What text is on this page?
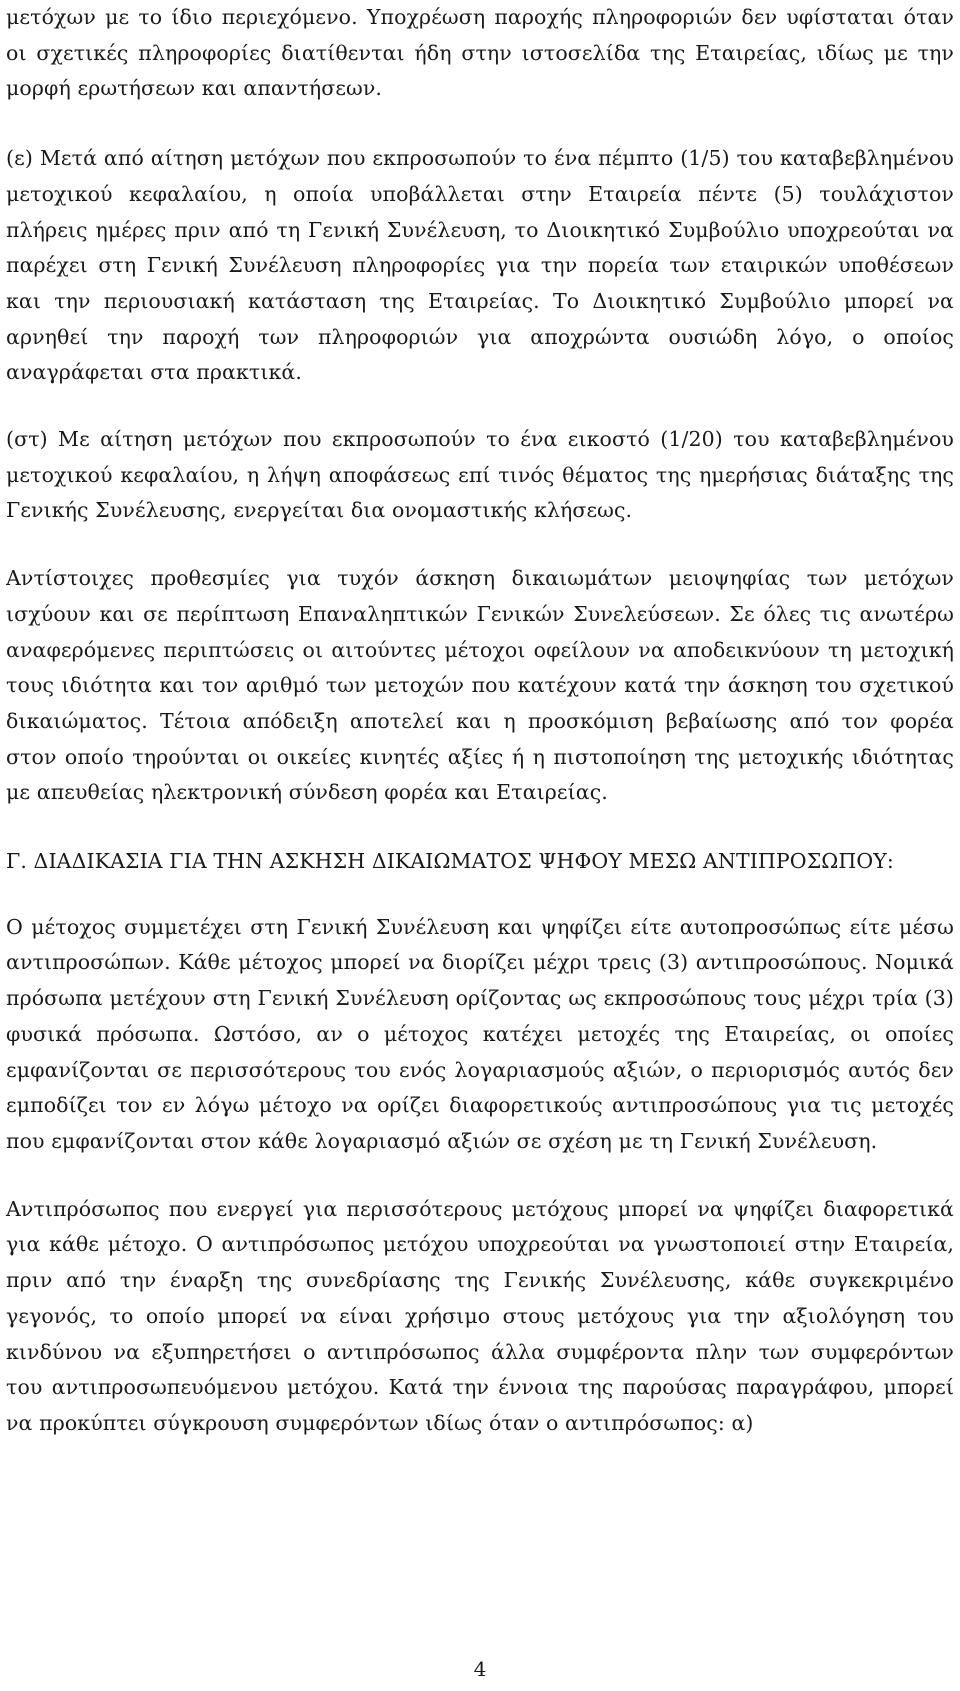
μετόχων με το ίδιο περιεχόμενο. Υποχρέωση παροχής πληροφοριών δεν υφίσταται όταν οι σχετικές πληροφορίες διατίθενται ήδη στην ιστοσελίδα της Εταιρείας, ιδίως με την μορφή ερωτήσεων και απαντήσεων.

(ε) Μετά από αίτηση μετόχων που εκπροσωπούν το ένα πέμπτο (1/5) του καταβεβλημένου μετοχικού κεφαλαίου, η οποία υποβάλλεται στην Εταιρεία πέντε (5) τουλάχιστον πλήρεις ημέρες πριν από τη Γενική Συνέλευση, το Διοικητικό Συμβούλιο υποχρεούται να παρέχει στη Γενική Συνέλευση πληροφορίες για την πορεία των εταιρικών υποθέσεων και την περιουσιακή κατάσταση της Εταιρείας. Το Διοικητικό Συμβούλιο μπορεί να αρνηθεί την παροχή των πληροφοριών για αποχρώντα ουσιώδη λόγο, ο οποίος αναγράφεται στα πρακτικά.

(στ) Με αίτηση μετόχων που εκπροσωπούν το ένα εικοστό (1/20) του καταβεβλημένου μετοχικού κεφαλαίου, η λήψη αποφάσεως επί τινός θέματος της ημερήσιας διάταξης της Γενικής Συνέλευσης, ενεργείται δια ονομαστικής κλήσεως.

Αντίστοιχες προθεσμίες για τυχόν άσκηση δικαιωμάτων μειοψηφίας των μετόχων ισχύουν και σε περίπτωση Επαναληπτικών Γενικών Συνελεύσεων. Σε όλες τις ανωτέρω αναφερόμενες περιπτώσεις οι αιτούντες μέτοχοι οφείλουν να αποδεικνύουν τη μετοχική τους ιδιότητα και τον αριθμό των μετοχών που κατέχουν κατά την άσκηση του σχετικού δικαιώματος. Τέτοια απόδειξη αποτελεί και η προσκόμιση βεβαίωσης από τον φορέα στον οποίο τηρούνται οι οικείες κινητές αξίες ή η πιστοποίηση της μετοχικής ιδιότητας με απευθείας ηλεκτρονική σύνδεση φορέα και Εταιρείας.

Γ. ΔΙΑΔΙΚΑΣΙΑ ΓΙΑ ΤΗΝ ΑΣΚΗΣΗ ΔΙΚΑΙΩΜΑΤΟΣ ΨΗΦΟΥ ΜΕΣΩ ΑΝΤΙΠΡΟΣΩΠΟΥ:

Ο μέτοχος συμμετέχει στη Γενική Συνέλευση και ψηφίζει είτε αυτοπροσώπως είτε μέσω αντιπροσώπων. Κάθε μέτοχος μπορεί να διορίζει μέχρι τρεις (3) αντιπροσώπους. Νομικά πρόσωπα μετέχουν στη Γενική Συνέλευση ορίζοντας ως εκπροσώπους τους μέχρι τρία (3) φυσικά πρόσωπα. Ωστόσο, αν ο μέτοχος κατέχει μετοχές της Εταιρείας, οι οποίες εμφανίζονται σε περισσότερους του ενός λογαριασμούς αξιών, ο περιορισμός αυτός δεν εμποδίζει τον εν λόγω μέτοχο να ορίζει διαφορετικούς αντιπροσώπους για τις μετοχές που εμφανίζονται στον κάθε λογαριασμό αξιών σε σχέση με τη Γενική Συνέλευση.

Αντιπρόσωπος που ενεργεί για περισσότερους μετόχους μπορεί να ψηφίζει διαφορετικά για κάθε μέτοχο. Ο αντιπρόσωπος μετόχου υποχρεούται να γνωστοποιεί στην Εταιρεία, πριν από την έναρξη της συνεδρίασης της Γενικής Συνέλευσης, κάθε συγκεκριμένο γεγονός, το οποίο μπορεί να είναι χρήσιμο στους μετόχους για την αξιολόγηση του κινδύνου να εξυπηρετήσει ο αντιπρόσωπος άλλα συμφέροντα πλην των συμφερόντων του αντιπροσωπευόμενου μετόχου. Κατά την έννοια της παρούσας παραγράφου, μπορεί να προκύπτει σύγκρουση συμφερόντων ιδίως όταν ο αντιπρόσωπος: α)

4
